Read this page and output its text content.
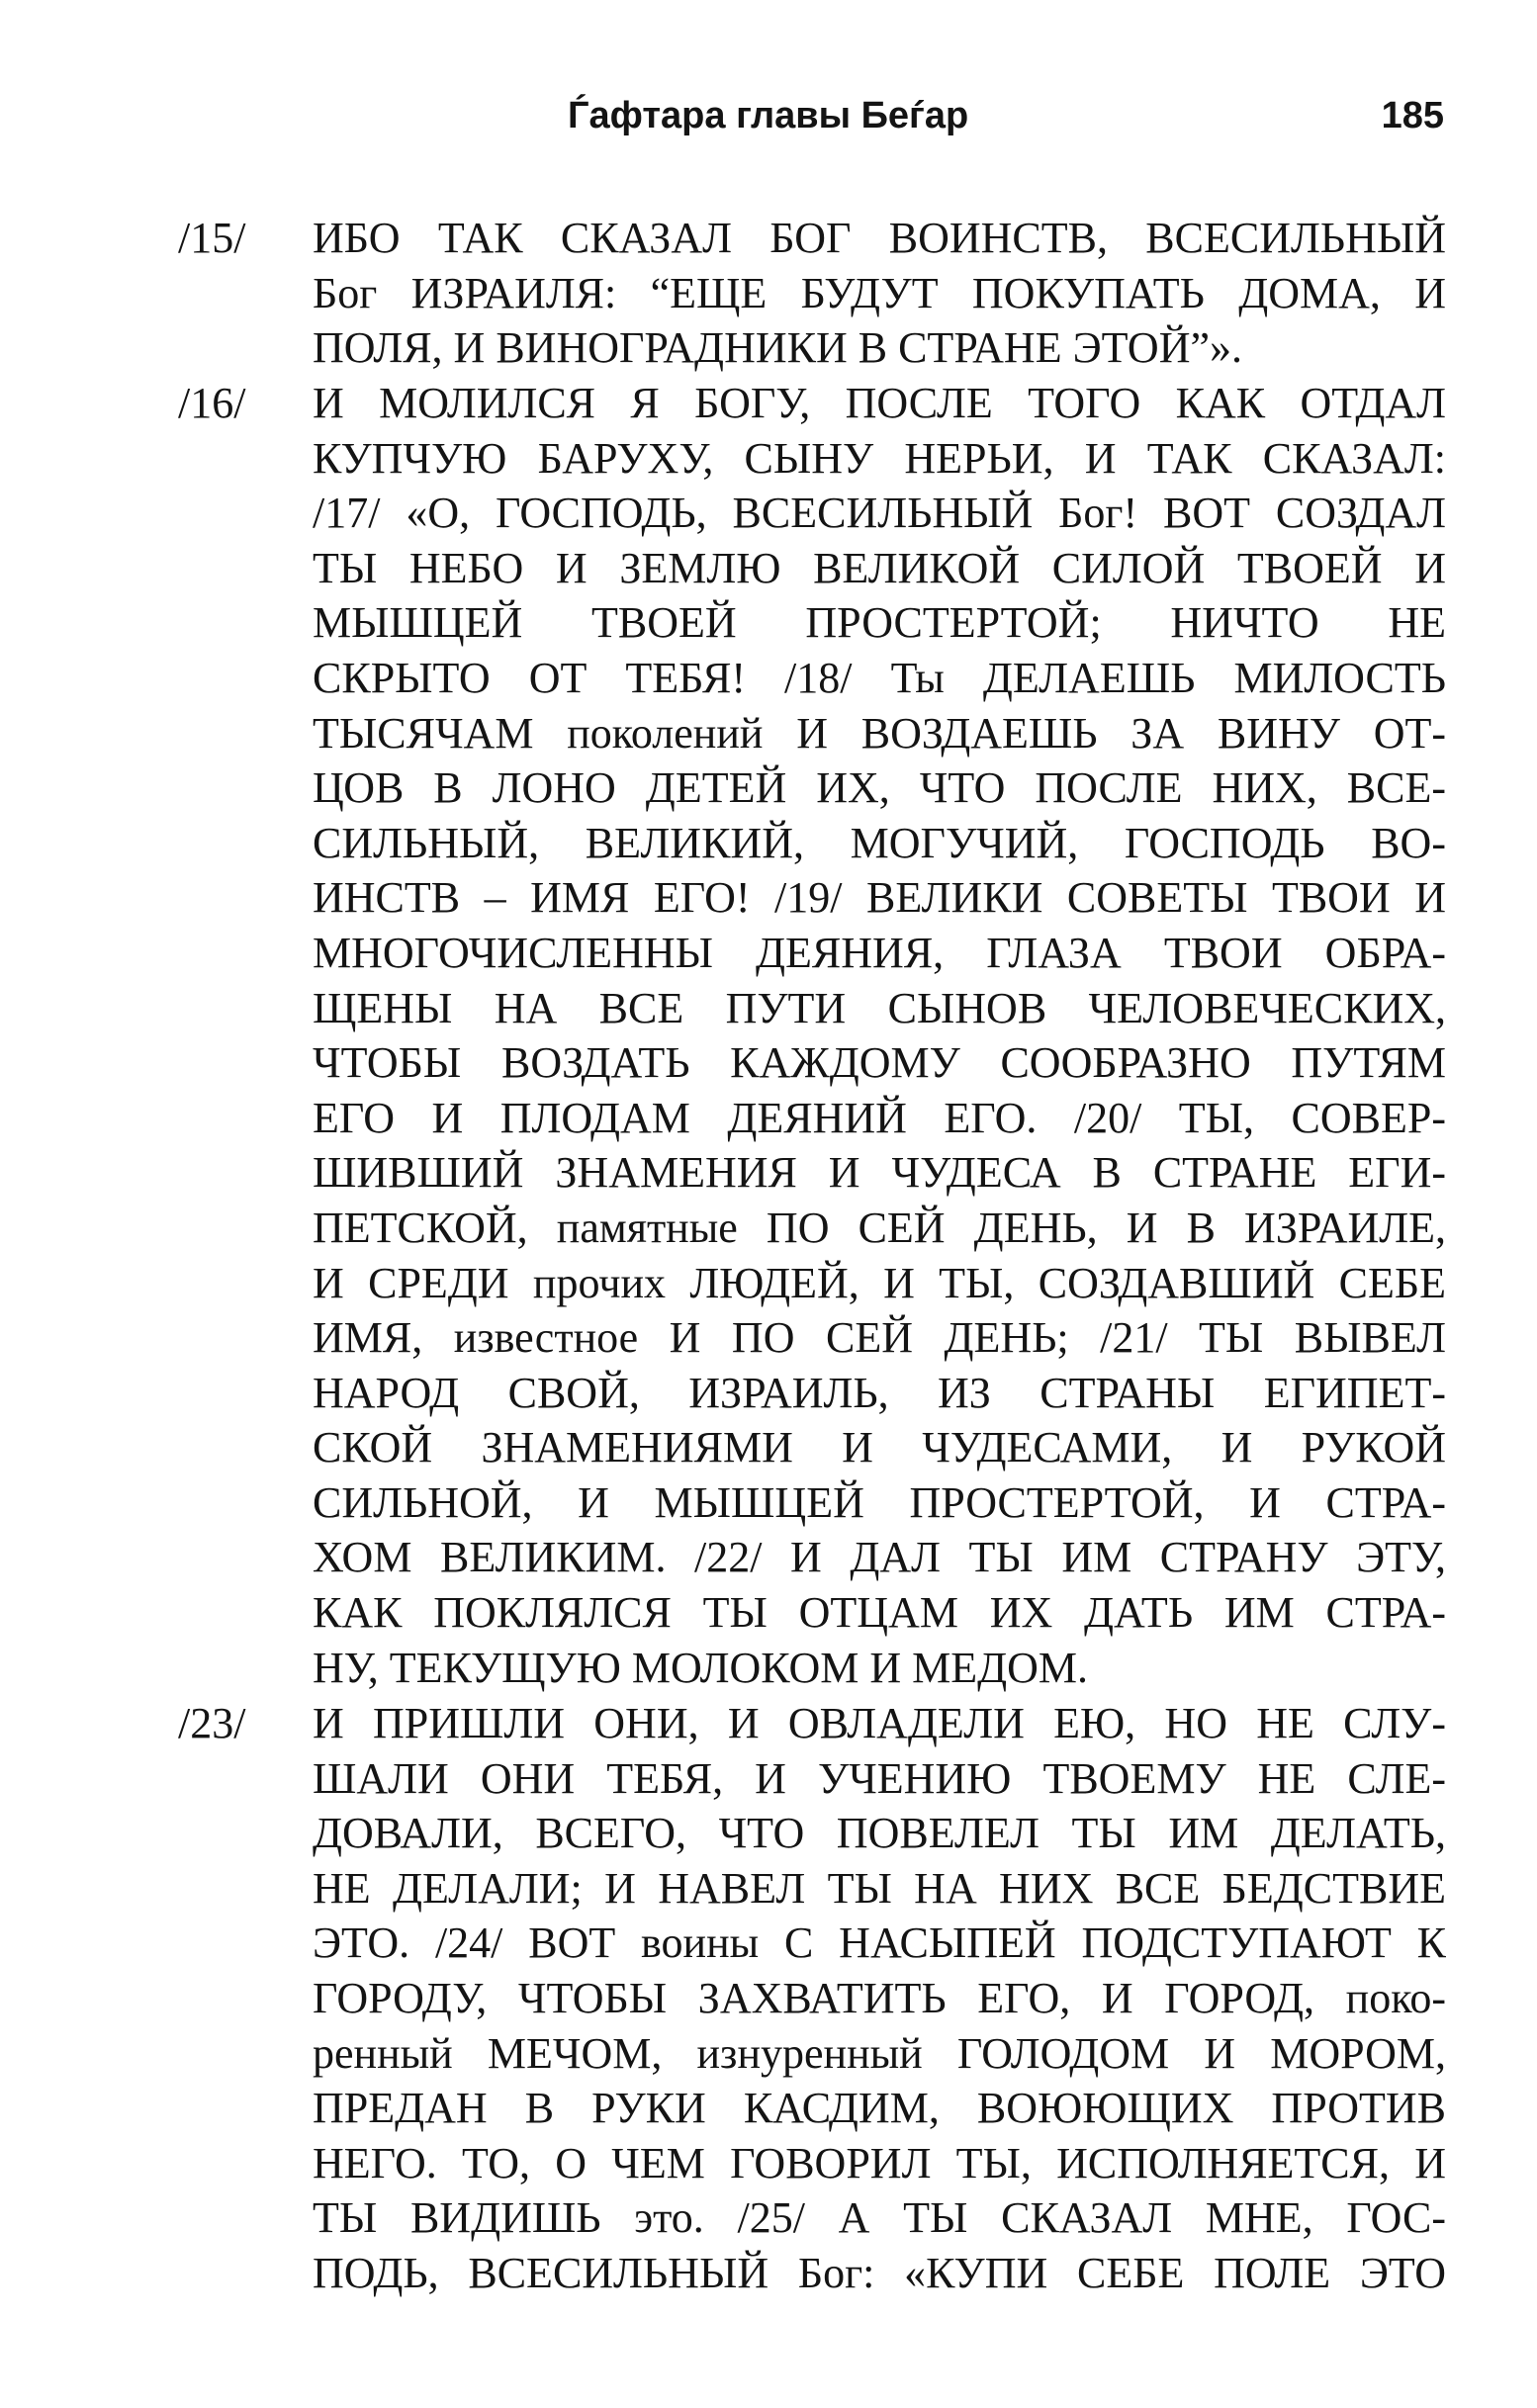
Ѓафтара главы Беѓар	185
/15/ ИБО ТАК СКАЗАЛ БОГ ВОИНСТВ, ВСЕСИЛЬНЫЙ
Бог ИЗРАИЛЯ: “ЕЩЕ БУДУТ ПОКУПАТЬ ДОМА, И
ПОЛЯ, И ВИНОГРАДНИКИ В СТРАНЕ ЭТОЙ”».
/16/ И МОЛИЛСЯ Я БОГУ, ПОСЛЕ ТОГО КАК ОТДАЛ
КУПЧУЮ БАРУХУ, СЫНУ НЕРЬИ, И ТАК СКАЗАЛ:
/17/ «О, ГОСПОДЬ, ВСЕСИЛЬНЫЙ Бог! ВОТ СОЗДАЛ
ТЫ НЕБО И ЗЕМЛЮ ВЕЛИКОЙ СИЛОЙ ТВОЕЙ И
МЫШЦЕЙ ТВОЕЙ ПРОСТЕРТОЙ; НИЧТО НЕ
СКРЫТО ОТ ТЕБЯ! /18/ Ты ДЕЛАЕШЬ МИЛОСТЬ
ТЫСЯЧАМ поколений И ВОЗДАЕШЬ ЗА ВИНУ ОТ-
ЦОВ В ЛОНО ДЕТЕЙ ИХ, ЧТО ПОСЛЕ НИХ, ВСЕ-
СИЛЬНЫЙ, ВЕЛИКИЙ, МОГУЧИЙ, ГОСПОДЬ ВО-
ИНСТВ – ИМЯ ЕГО! /19/ ВЕЛИКИ СОВЕТЫ ТВОИ И
МНОГОЧИСЛЕННЫ ДЕЯНИЯ, ГЛАЗА ТВОИ ОБРА-
ЩЕНЫ НА ВСЕ ПУТИ СЫНОВ ЧЕЛОВЕЧЕСКИХ,
ЧТОБЫ ВОЗДАТЬ КАЖДОМУ СООБРАЗНО ПУТЯМ
ЕГО И ПЛОДАМ ДЕЯНИЙ ЕГО. /20/ ТЫ, СОВЕР-
ШИВШИЙ ЗНАМЕНИЯ И ЧУДЕСА В СТРАНЕ ЕГИ-
ПЕТСКОЙ, памятные ПО СЕЙ ДЕНЬ, И В ИЗРАИЛЕ,
И СРЕДИ прочих ЛЮДЕЙ, И ТЫ, СОЗДАВШИЙ СЕБЕ
ИМЯ, известное И ПО СЕЙ ДЕНЬ; /21/ ТЫ ВЫВЕЛ
НАРОД СВОЙ, ИЗРАИЛЬ, ИЗ СТРАНЫ ЕГИПЕТ-
СКОЙ ЗНАМЕНИЯМИ И ЧУДЕСАМИ, И РУКОЙ
СИЛЬНОЙ, И МЫШЦЕЙ ПРОСТЕРТОЙ, И СТРА-
ХОМ ВЕЛИКИМ. /22/ И ДАЛ ТЫ ИМ СТРАНУ ЭТУ,
КАК ПОКЛЯЛСЯ ТЫ ОТЦАМ ИХ ДАТЬ ИМ СТРА-
НУ, ТЕКУЩУЮ МОЛОКОМ И МЕДОМ.
/23/ И ПРИШЛИ ОНИ, И ОВЛАДЕЛИ ЕЮ, НО НЕ СЛУ-
ШАЛИ ОНИ ТЕБЯ, И УЧЕНИЮ ТВОЕМУ НЕ СЛЕ-
ДОВАЛИ, ВСЕГО, ЧТО ПОВЕЛЕЛ ТЫ ИМ ДЕЛАТЬ,
НЕ ДЕЛАЛИ; И НАВЕЛ ТЫ НА НИХ ВСЕ БЕДСТВИЕ
ЭТО. /24/ ВОТ воины С НАСЫПЕЙ ПОДСТУПАЮТ К
ГОРОДУ, ЧТОБЫ ЗАХВАТИТЬ ЕГО, И ГОРОД, поко-
ренный МЕЧОМ, изнуренный ГОЛОДОМ И МОРОМ,
ПРЕДАН В РУКИ КАСДИМ, ВОЮЮЩИХ ПРОТИВ
НЕГО. ТО, О ЧЕМ ГОВОРИЛ ТЫ, ИСПОЛНЯЕТСЯ, И
ТЫ ВИДИШЬ это. /25/ А ТЫ СКАЗАЛ МНЕ, ГОС-
ПОДЬ, ВСЕСИЛЬНЫЙ Бог: «КУПИ СЕБЕ ПОЛЕ ЭТО
